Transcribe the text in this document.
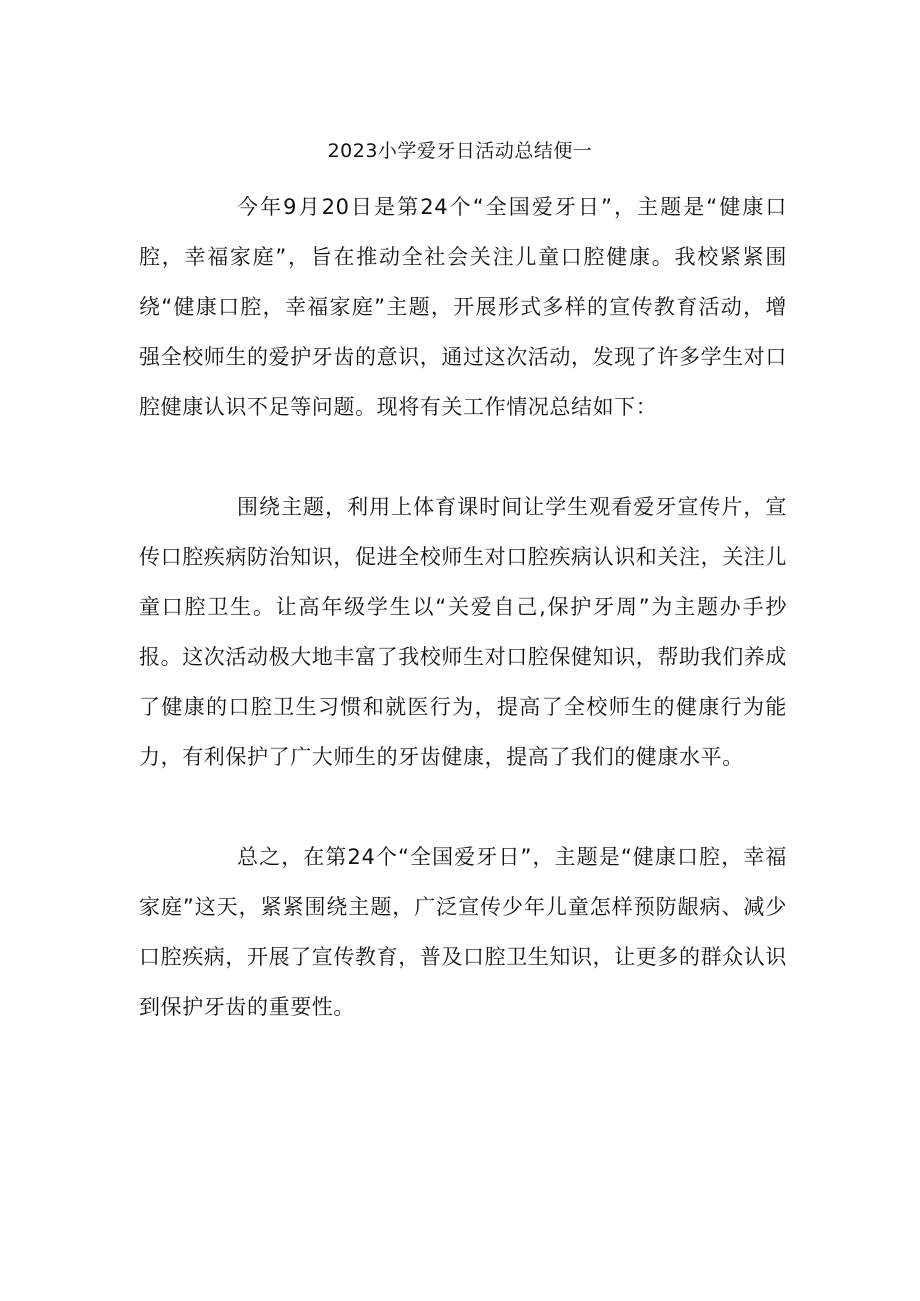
2023小学爱牙日活动总结便一

今年9月20日是第24个“全国爱牙日”，主题是“健康口腔，幸福家庭”，旨在推动全社会关注儿童口腔健康。我校紧紧围绕“健康口腔，幸福家庭”主题，开展形式多样的宣传教育活动，增强全校师生的爱护牙齿的意识，通过这次活动，发现了许多学生对口腔健康认识不足等问题。现将有关工作情况总结如下：

围绕主题，利用上体育课时间让学生观看爱牙宣传片，宣传口腔疾病防治知识，促进全校师生对口腔疾病认识和关注，关注儿童口腔卫生。让高年级学生以“关爱自己,保护牙周”为主题办手抄报。这次活动极大地丰富了我校师生对口腔保健知识，帮助我们养成了健康的口腔卫生习惯和就医行为，提高了全校师生的健康行为能力，有利保护了广大师生的牙齿健康，提高了我们的健康水平。

总之，在第24个“全国爱牙日”，主题是“健康口腔，幸福家庭”这天，紧紧围绕主题，广泛宣传少年儿童怎样预防龈病、减少口腔疾病，开展了宣传教育，普及口腔卫生知识，让更多的群众认识到保护牙齿的重要性。
